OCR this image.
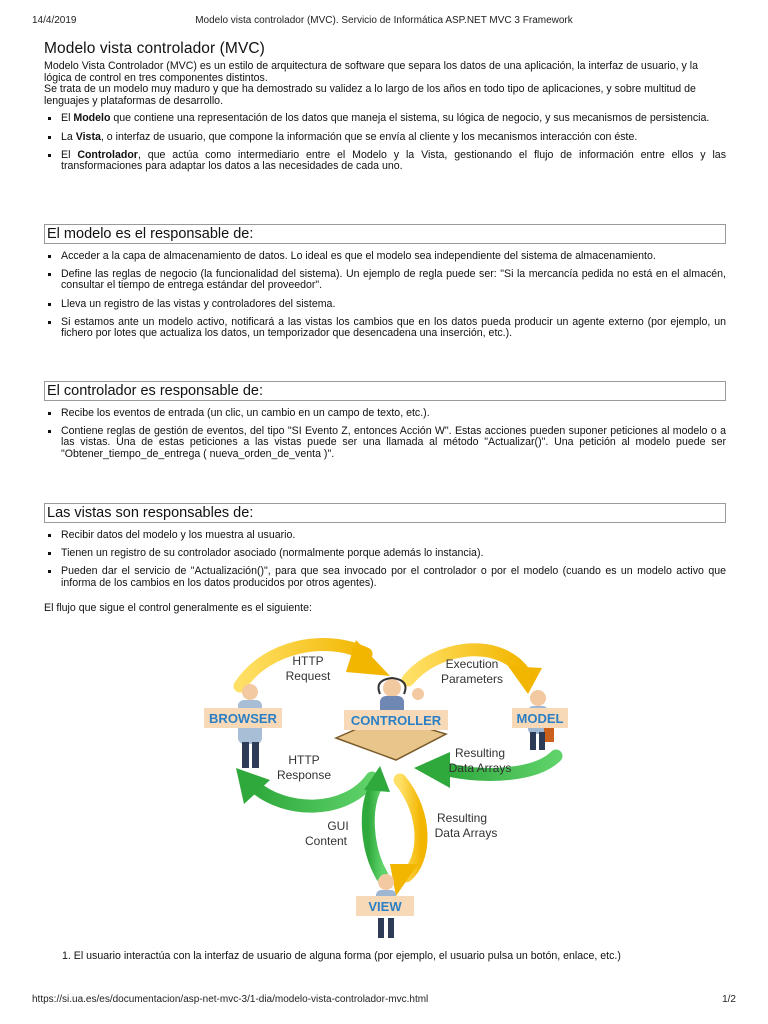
14/4/2019	Modelo vista controlador (MVC). Servicio de Informática ASP.NET MVC 3 Framework
Modelo vista controlador (MVC)

Modelo Vista Controlador (MVC) es un estilo de arquitectura de software que separa los datos de una aplicación, la interfaz de usuario, y la lógica de control en tres componentes distintos.

Se trata de un modelo muy maduro y que ha demostrado su validez a lo largo de los años en todo tipo de aplicaciones, y sobre multitud de lenguajes y plataformas de desarrollo.

El Modelo que contiene una representación de los datos que maneja el sistema, su lógica de negocio, y sus mecanismos de persistencia.
La Vista, o interfaz de usuario, que compone la información que se envía al cliente y los mecanismos interacción con éste.
El Controlador, que actúa como intermediario entre el Modelo y la Vista, gestionando el flujo de información entre ellos y las transformaciones para adaptar los datos a las necesidades de cada uno.
El modelo es el responsable de:
Acceder a la capa de almacenamiento de datos. Lo ideal es que el modelo sea independiente del sistema de almacenamiento.
Define las reglas de negocio (la funcionalidad del sistema). Un ejemplo de regla puede ser: "Si la mercancía pedida no está en el almacén, consultar el tiempo de entrega estándar del proveedor".
Lleva un registro de las vistas y controladores del sistema.
Si estamos ante un modelo activo, notificará a las vistas los cambios que en los datos pueda producir un agente externo (por ejemplo, un fichero por lotes que actualiza los datos, un temporizador que desencadena una inserción, etc.).
El controlador es responsable de:
Recibe los eventos de entrada (un clic, un cambio en un campo de texto, etc.).
Contiene reglas de gestión de eventos, del tipo "SI Evento Z, entonces Acción W". Estas acciones pueden suponer peticiones al modelo o a las vistas. Una de estas peticiones a las vistas puede ser una llamada al método "Actualizar()". Una petición al modelo puede ser "Obtener_tiempo_de_entrega ( nueva_orden_de_venta )".
Las vistas son responsables de:
Recibir datos del modelo y los muestra al usuario.
Tienen un registro de su controlador asociado (normalmente porque además lo instancia).
Pueden dar el servicio de "Actualización()", para que sea invocado por el controlador o por el modelo (cuando es un modelo activo que informa de los cambios en los datos producidos por otros agentes).

El flujo que sigue el control generalmente es el siguiente:

BROWSER	CONTROLLER	MODEL
VIEW
HTTP
Request
Execution
Parameters
Resulting
Data Arrays
HTTP
Response
Resulting
Data Arrays
GUI
Content

1. El usuario interactúa con la interfaz de usuario de alguna forma (por ejemplo, el usuario pulsa un botón, enlace, etc.)

https://si.ua.es/es/documentacion/asp-net-mvc-3/1-dia/modelo-vista-controlador-mvc.html	1/2
